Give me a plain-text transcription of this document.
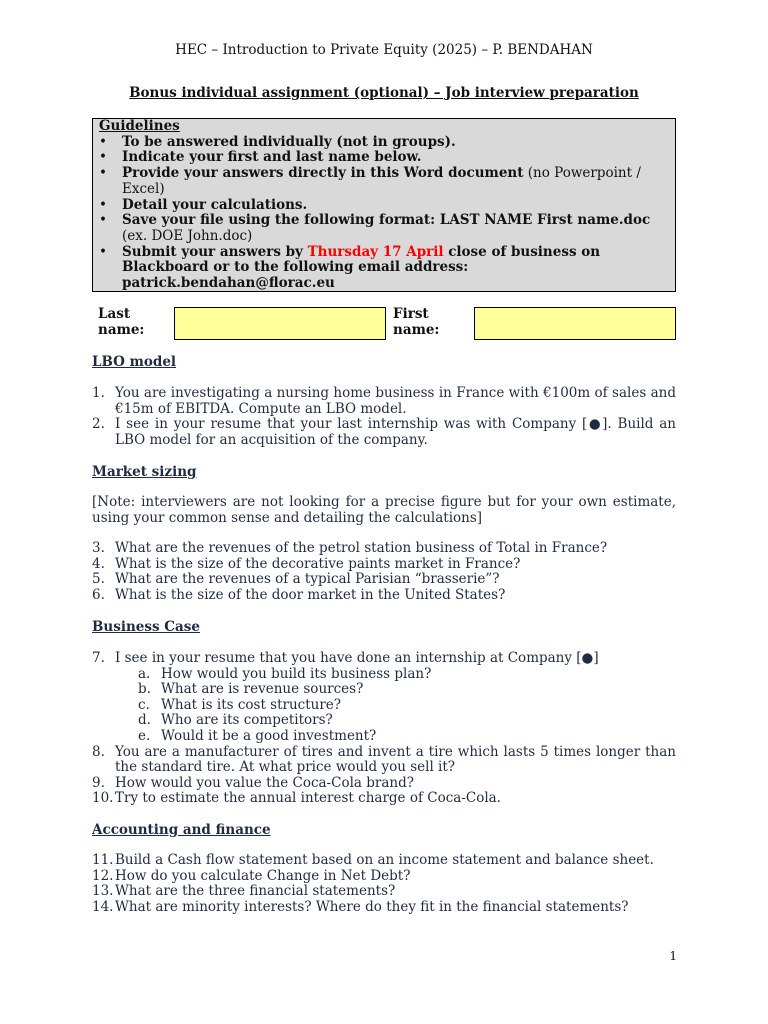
HEC – Introduction to Private Equity (2025) – P. BENDAHAN
Bonus individual assignment (optional) – Job interview preparation
Guidelines
• To be answered individually (not in groups).
• Indicate your first and last name below.
• Provide your answers directly in this Word document (no Powerpoint / Excel)
• Detail your calculations.
• Save your file using the following format: LAST NAME First name.doc (ex. DOE John.doc)
• Submit your answers by Thursday 17 April close of business on Blackboard or to the following email address: patrick.bendahan@florac.eu
Last name:
First name:
LBO model
1. You are investigating a nursing home business in France with €100m of sales and €15m of EBITDA. Compute an LBO model.
2. I see in your resume that your last internship was with Company [●]. Build an LBO model for an acquisition of the company.
Market sizing

[Note: interviewers are not looking for a precise figure but for your own estimate, using your common sense and detailing the calculations]

3. What are the revenues of the petrol station business of Total in France?
4. What is the size of the decorative paints market in France?
5. What are the revenues of a typical Parisian “brasserie”?
6. What is the size of the door market in the United States?
Business Case
7. I see in your resume that you have done an internship at Company [●]
a. How would you build its business plan?
b. What are is revenue sources?
c. What is its cost structure?
d. Who are its competitors?
e. Would it be a good investment?
8. You are a manufacturer of tires and invent a tire which lasts 5 times longer than the standard tire. At what price would you sell it?
9. How would you value the Coca-Cola brand?
10. Try to estimate the annual interest charge of Coca-Cola.
Accounting and finance
11. Build a Cash flow statement based on an income statement and balance sheet.
12. How do you calculate Change in Net Debt?
13. What are the three financial statements?
14. What are minority interests? Where do they fit in the financial statements?
1
